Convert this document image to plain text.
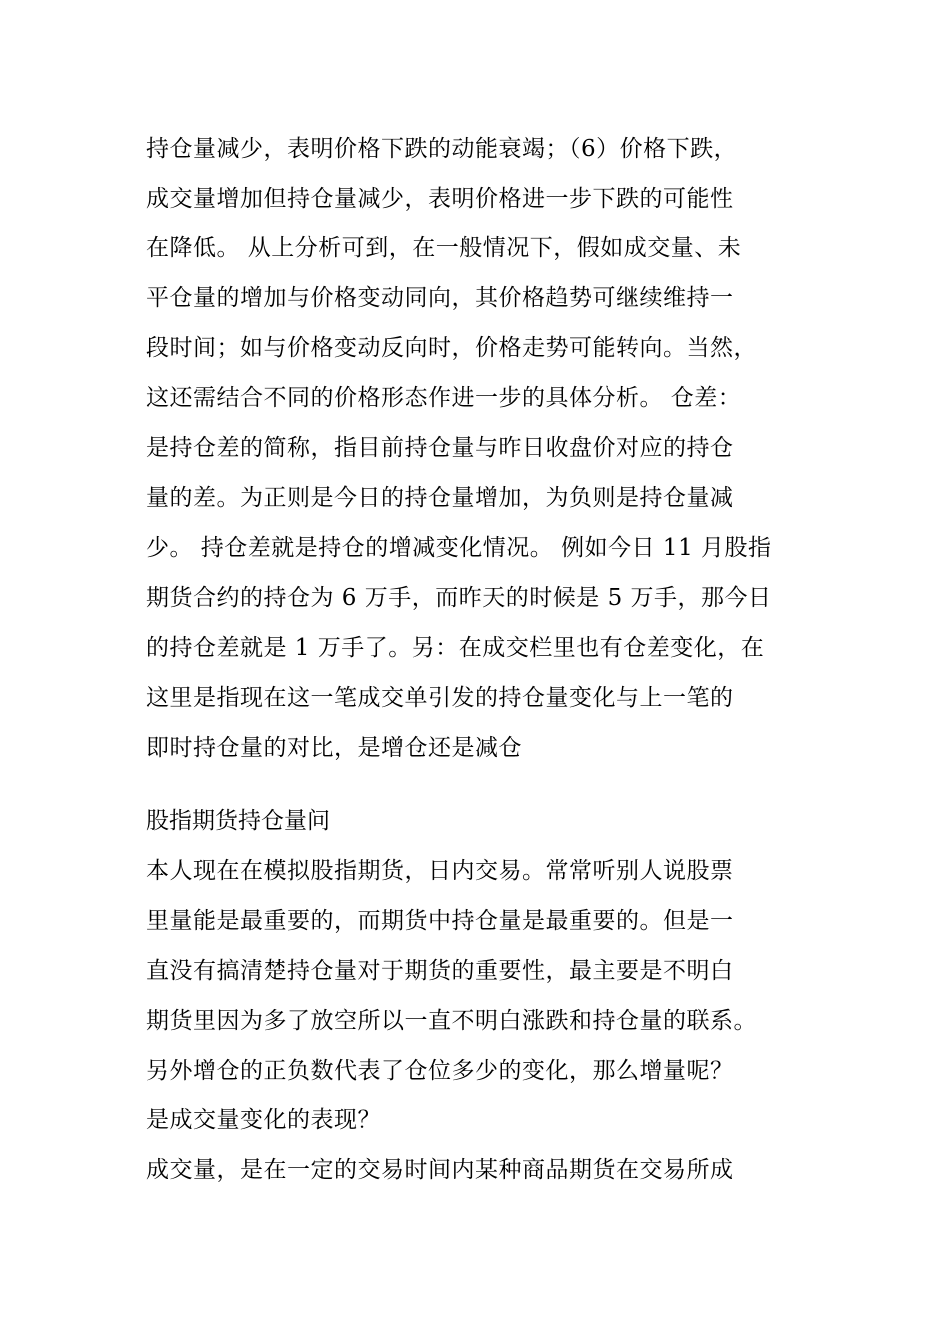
持仓量减少，表明价格下跌的动能衰竭；（6）价格下跌，
成交量增加但持仓量减少，表明价格进一步下跌的可能性
在降低。 从上分析可到，在一般情况下，假如成交量、未
平仓量的增加与价格变动同向，其价格趋势可继续维持一
段时间；如与价格变动反向时，价格走势可能转向。当然，
这还需结合不同的价格形态作进一步的具体分析。 仓差：
是持仓差的简称，指目前持仓量与昨日收盘价对应的持仓
量的差。为正则是今日的持仓量增加，为负则是持仓量减
少。 持仓差就是持仓的增减变化情况。 例如今日 11 月股指
期货合约的持仓为 6 万手，而昨天的时候是 5 万手，那今日
的持仓差就是 1 万手了。另：在成交栏里也有仓差变化，在
这里是指现在这一笔成交单引发的持仓量变化与上一笔的
即时持仓量的对比，是增仓还是减仓
股指期货持仓量问
本人现在在模拟股指期货，日内交易。常常听别人说股票
里量能是最重要的，而期货中持仓量是最重要的。但是一
直没有搞清楚持仓量对于期货的重要性，最主要是不明白
期货里因为多了放空所以一直不明白涨跌和持仓量的联系。
另外增仓的正负数代表了仓位多少的变化，那么增量呢？
是成交量变化的表现？
成交量，是在一定的交易时间内某种商品期货在交易所成
